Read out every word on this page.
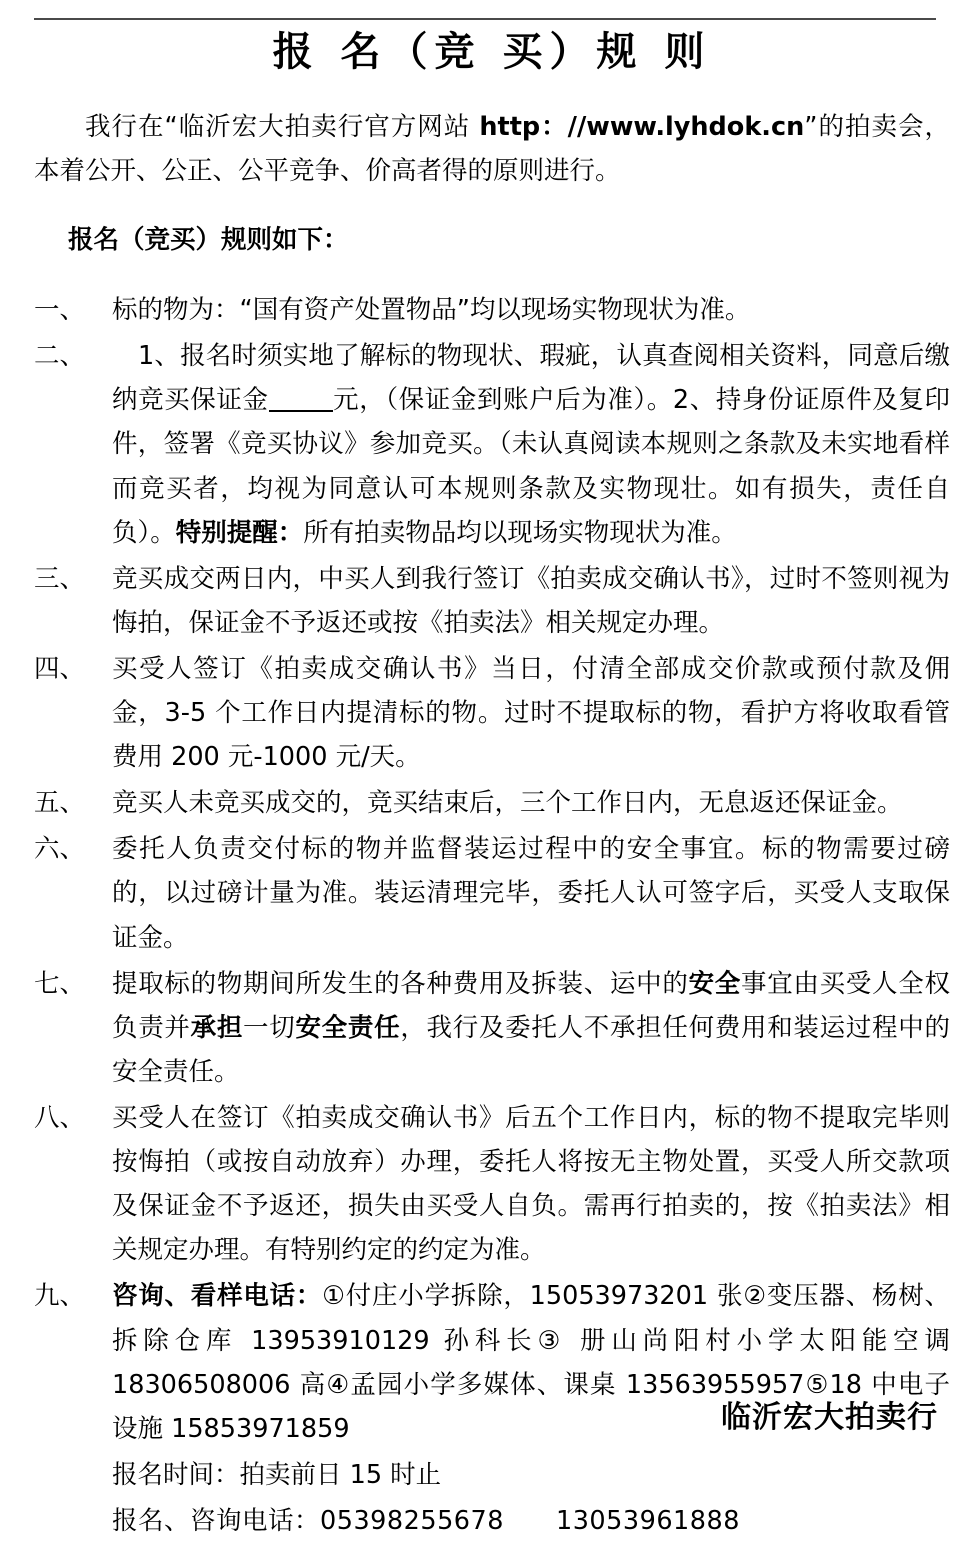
报 名（竞 买）规 则

我行在“临沂宏大拍卖行官方网站 http：//www.lyhdok.cn”的拍卖会，本着公开、公正、公平竞争、价高者得的原则进行。

报名（竞买）规则如下：

一、	标的物为：“国有资产处置物品”均以现场实物现状为准。
二、	1、报名时须实地了解标的物现状、瑕疵，认真查阅相关资料，同意后缴纳竞买保证金	元，（保证金到账户后为准）。2、持身份证原件及复印件，签署《竞买协议》参加竞买。（未认真阅读本规则之条款及未实地看样而竞买者，均视为同意认可本规则条款及实物现壮。如有损失，责任自负）。特别提醒：所有拍卖物品均以现场实物现状为准。
三、	竞买成交两日内，中买人到我行签订《拍卖成交确认书》，过时不签则视为悔拍，保证金不予返还或按《拍卖法》相关规定办理。
四、	买受人签订《拍卖成交确认书》当日，付清全部成交价款或预付款及佣金，3-5 个工作日内提清标的物。过时不提取标的物，看护方将收取看管费用 200 元-1000 元/天。
五、	竞买人未竞买成交的，竞买结束后，三个工作日内，无息返还保证金。
六、	委托人负责交付标的物并监督装运过程中的安全事宜。标的物需要过磅的，以过磅计量为准。装运清理完毕，委托人认可签字后，买受人支取保证金。
七、	提取标的物期间所发生的各种费用及拆装、运中的安全事宜由买受人全权负责并承担一切安全责任，我行及委托人不承担任何费用和装运过程中的安全责任。
八、	买受人在签订《拍卖成交确认书》后五个工作日内，标的物不提取完毕则按悔拍（或按自动放弃）办理，委托人将按无主物处置，买受人所交款项及保证金不予返还，损失由买受人自负。需再行拍卖的，按《拍卖法》相关规定办理。有特别约定的约定为准。
九、	咨询、看样电话：①付庄小学拆除，15053973201 张②变压器、杨树、拆除仓库 13953910129 孙科长③ 册山尚阳村小学太阳能空调 18306508006 高④孟园小学多媒体、课桌 13563955957⑤18 中电子设施 15853971859
报名时间：拍卖前日 15 时止
报名、咨询电话：05398255678 13053961888
临沂宏大拍卖行
